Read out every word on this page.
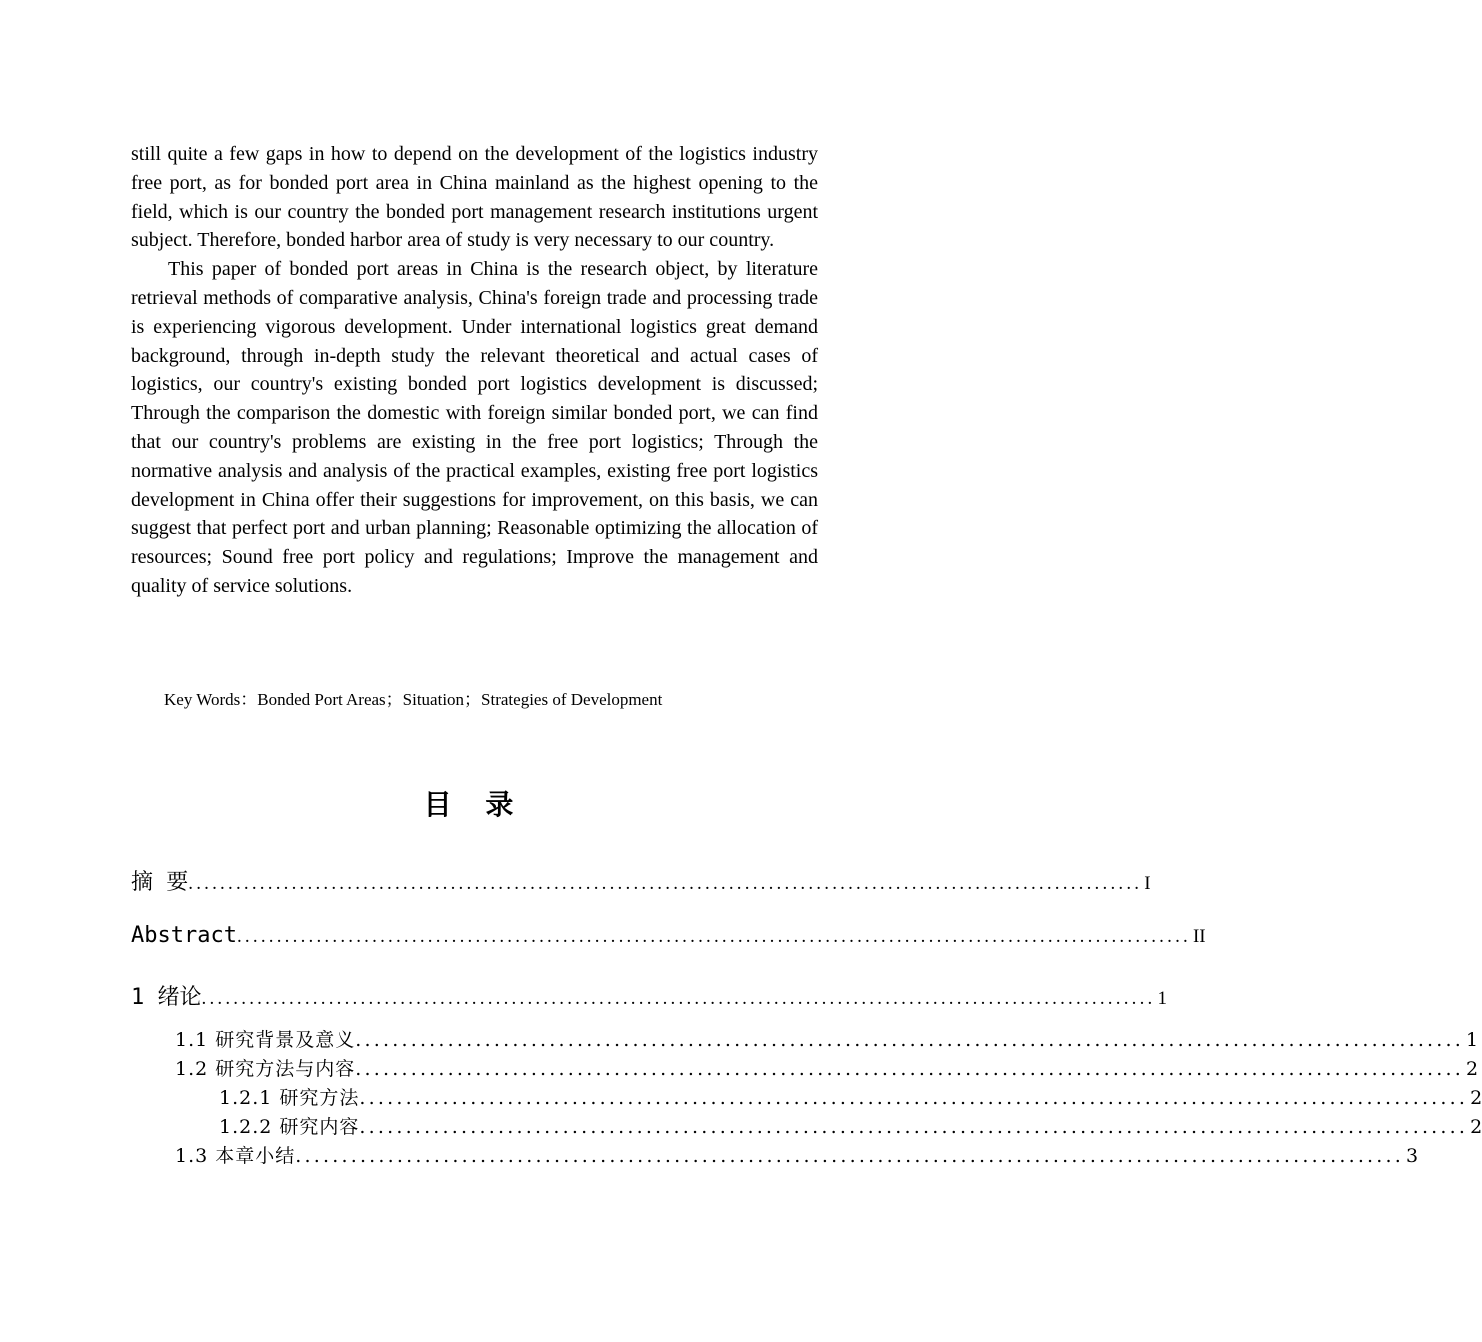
still quite a few gaps in how to depend on the development of the logistics industry free port, as for bonded port area in China mainland as the highest opening to the field, which is our country the bonded port management research institutions urgent subject. Therefore, bonded harbor area of study is very necessary to our country.

This paper of bonded port areas in China is the research object, by literature retrieval methods of comparative analysis, China's foreign trade and processing trade is experiencing vigorous development. Under international logistics great demand background, through in-depth study the relevant theoretical and actual cases of logistics, our country's existing bonded port logistics development is discussed; Through the comparison the domestic with foreign similar bonded port, we can find that our country's problems are existing in the free port logistics; Through the normative analysis and analysis of the practical examples, existing free port logistics development in China offer their suggestions for improvement, on this basis, we can suggest that perfect port and urban planning; Reasonable optimizing the allocation of resources; Sound free port policy and regulations; Improve the management and quality of service solutions.

Key Words：Bonded Port Areas；Situation；Strategies of Development

目 录
摘 要 ........................................................................................................................ I
Abstract ........................................................................................................................ II
1 绪论 ........................................................................................................................ 1
1.1 研究背景及意义 ........................................................................................................................ 1
1.2 研究方法与内容 ........................................................................................................................ 2
1.2.1 研究方法 ........................................................................................................................ 2
1.2.2 研究内容 ........................................................................................................................ 2
1.3 本章小结 ........................................................................................................................ 3
